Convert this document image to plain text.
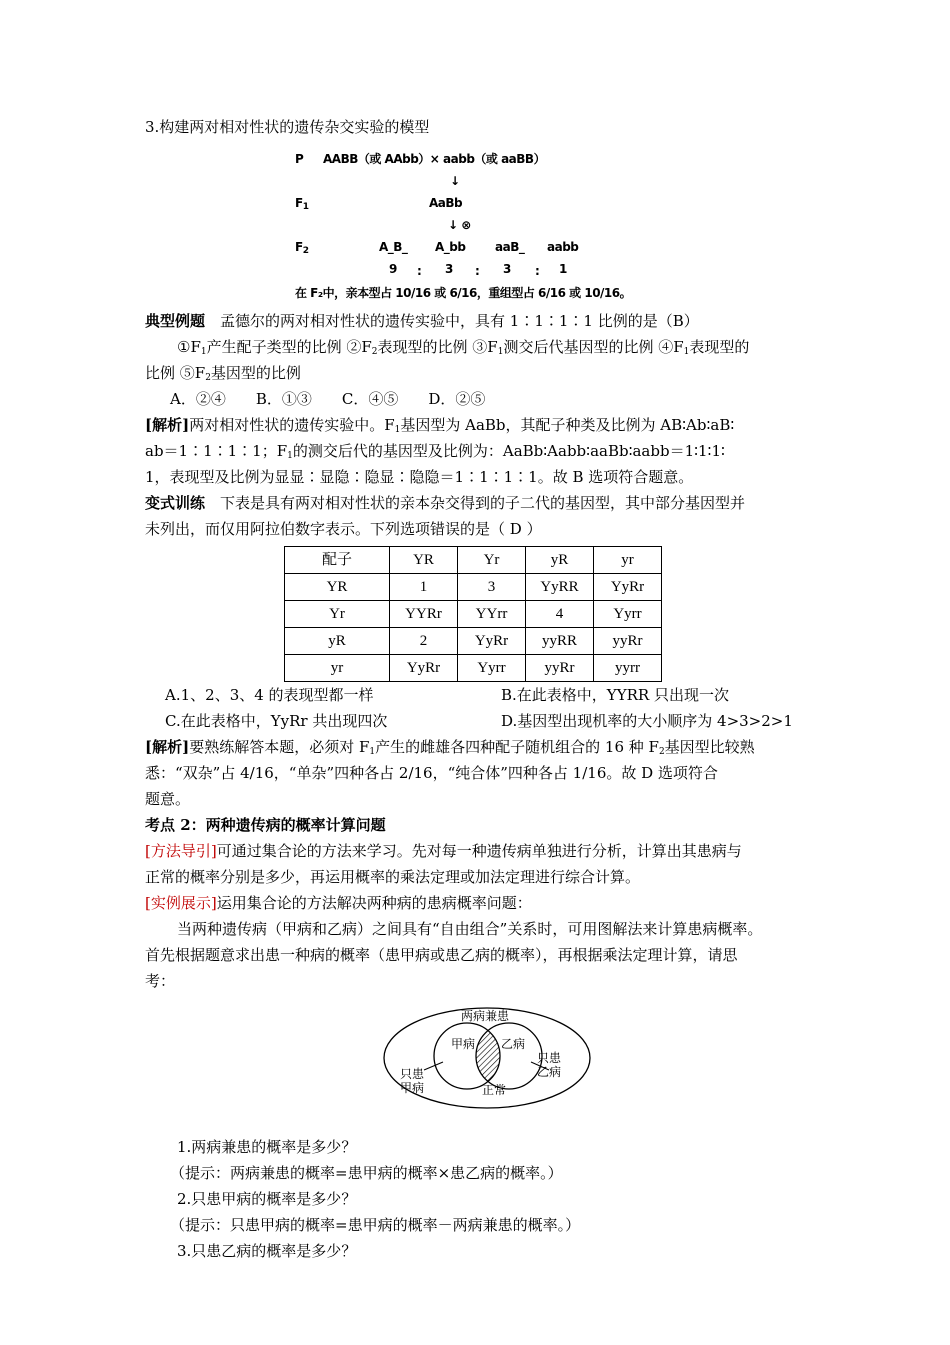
3.构建两对相对性状的遗传杂交实验的模型

P AABB（或 AAbb）× aabb（或 aaBB）
↓
$F_1$	AaBb
↓ ⊗
$F_2$	A_B_ A_bb aaB_ aabb
9 : 3 : 3 : 1
在 F₂中，亲本型占 10/16 或 6/16，重组型占 6/16 或 10/16。

典型例题　 孟德尔的两对相对性状的遗传实验中，具有 1∶1∶1∶1 比例的是（B）

$①F_1$产生配子类型的比例 $②F_2$表现型的比例 $③F_1$测交后代基因型的比例 $④F_1$表现型的

比例 $⑤F_2$基因型的比例

A．②④　　B．①③　　C．④⑤　　D．②⑤

[解析]两对相对性状的遗传实验中。$F_1$基因型为 AaBb，其配子种类及比例为 AB∶Ab∶aB∶

ab＝1∶1∶1∶1；$F_1$的测交后代的基因型及比例为：AaBb∶Aabb∶aaBb∶aabb＝1∶1∶1∶

1，表现型及比例为显显∶显隐∶隐显∶隐隐＝1∶1∶1∶1。故 B 选项符合题意。

变式训练　 下表是具有两对相对性状的亲本杂交得到的子二代的基因型，其中部分基因型并

未列出，而仅用阿拉伯数字表示。下列选项错误的是（ D ）

配子	YR	Yr	yR	yr
YR	1	3	YyRR	YyRr
Yr	YYRr	YYrr	4	Yyrr
yR	2	YyRr	yyRR	yyRr
yr	YyRr	Yyrr	yyRr	yyrr
A.1、2、3、4 的表现型都一样	B.在此表格中，YYRR 只出现一次
C.在此表格中，YyRr 共出现四次	D.基因型出现机率的大小顺序为 4>3>2>1

[解析]要熟练解答本题，必须对 $F_1$产生的雌雄各四种配子随机组合的 16 种 $F_2$基因型比较熟

悉：“双杂”占 4/16，“单杂”四种各占 2/16，“纯合体”四种各占 1/16。故 D 选项符合

题意。

考点 2：两种遗传病的概率计算问题

[方法导引]可通过集合论的方法来学习。先对每一种遗传病单独进行分析，计算出其患病与

正常的概率分别是多少，再运用概率的乘法定理或加法定理进行综合计算。

[实例展示]运用集合论的方法解决两种病的患病概率问题：

当两种遗传病（甲病和乙病）之间具有“自由组合”关系时，可用图解法来计算患病概率。

首先根据题意求出患一种病的概率（患甲病或患乙病的概率），再根据乘法定理计算，请思

考：

两病兼患
甲病 乙病
只患
甲病
只患
乙病
正常

1.两病兼患的概率是多少？

（提示：两病兼患的概率=患甲病的概率×患乙病的概率。）

2.只患甲病的概率是多少？

（提示：只患甲病的概率=患甲病的概率－两病兼患的概率。）

3.只患乙病的概率是多少？
